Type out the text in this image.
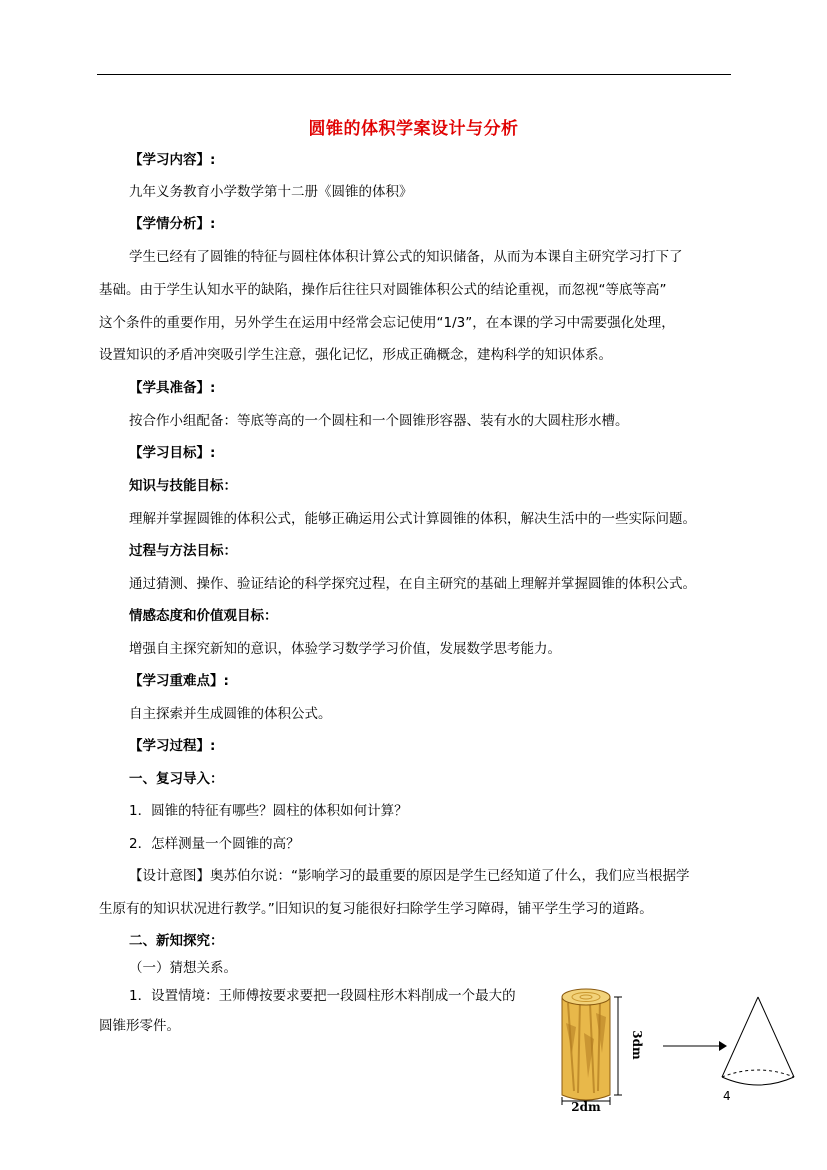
圆锥的体积学案设计与分析
【学习内容】:
九年义务教育小学数学第十二册《圆锥的体积》
【学情分析】:
学生已经有了圆锥的特征与圆柱体体积计算公式的知识储备，从而为本课自主研究学习打下了
基础。由于学生认知水平的缺陷，操作后往往只对圆锥体积公式的结论重视，而忽视“等底等高”
这个条件的重要作用，另外学生在运用中经常会忘记使用“1/3”，在本课的学习中需要强化处理，
设置知识的矛盾冲突吸引学生注意，强化记忆，形成正确概念，建构科学的知识体系。
【学具准备】:
按合作小组配备：等底等高的一个圆柱和一个圆锥形容器、装有水的大圆柱形水槽。
【学习目标】:
知识与技能目标：
理解并掌握圆锥的体积公式，能够正确运用公式计算圆锥的体积，解决生活中的一些实际问题。
过程与方法目标：
通过猜测、操作、验证结论的科学探究过程，在自主研究的基础上理解并掌握圆锥的体积公式。
情感态度和价值观目标：
增强自主探究新知的意识，体验学习数学学习价值，发展数学思考能力。
【学习重难点】:
自主探索并生成圆锥的体积公式。
【学习过程】:
一、复习导入：
1．圆锥的特征有哪些？圆柱的体积如何计算？
2．怎样测量一个圆锥的高？
【设计意图】奥苏伯尔说：“影响学习的最重要的原因是学生已经知道了什么，我们应当根据学
生原有的知识状况进行教学。”旧知识的复习能很好扫除学生学习障碍，铺平学生学习的道路。
二、新知探究：
（一）猜想关系。
1．设置情境：王师傅按要求要把一段圆柱形木料削成一个最大的
圆锥形零件。
3dm
2dm
4
